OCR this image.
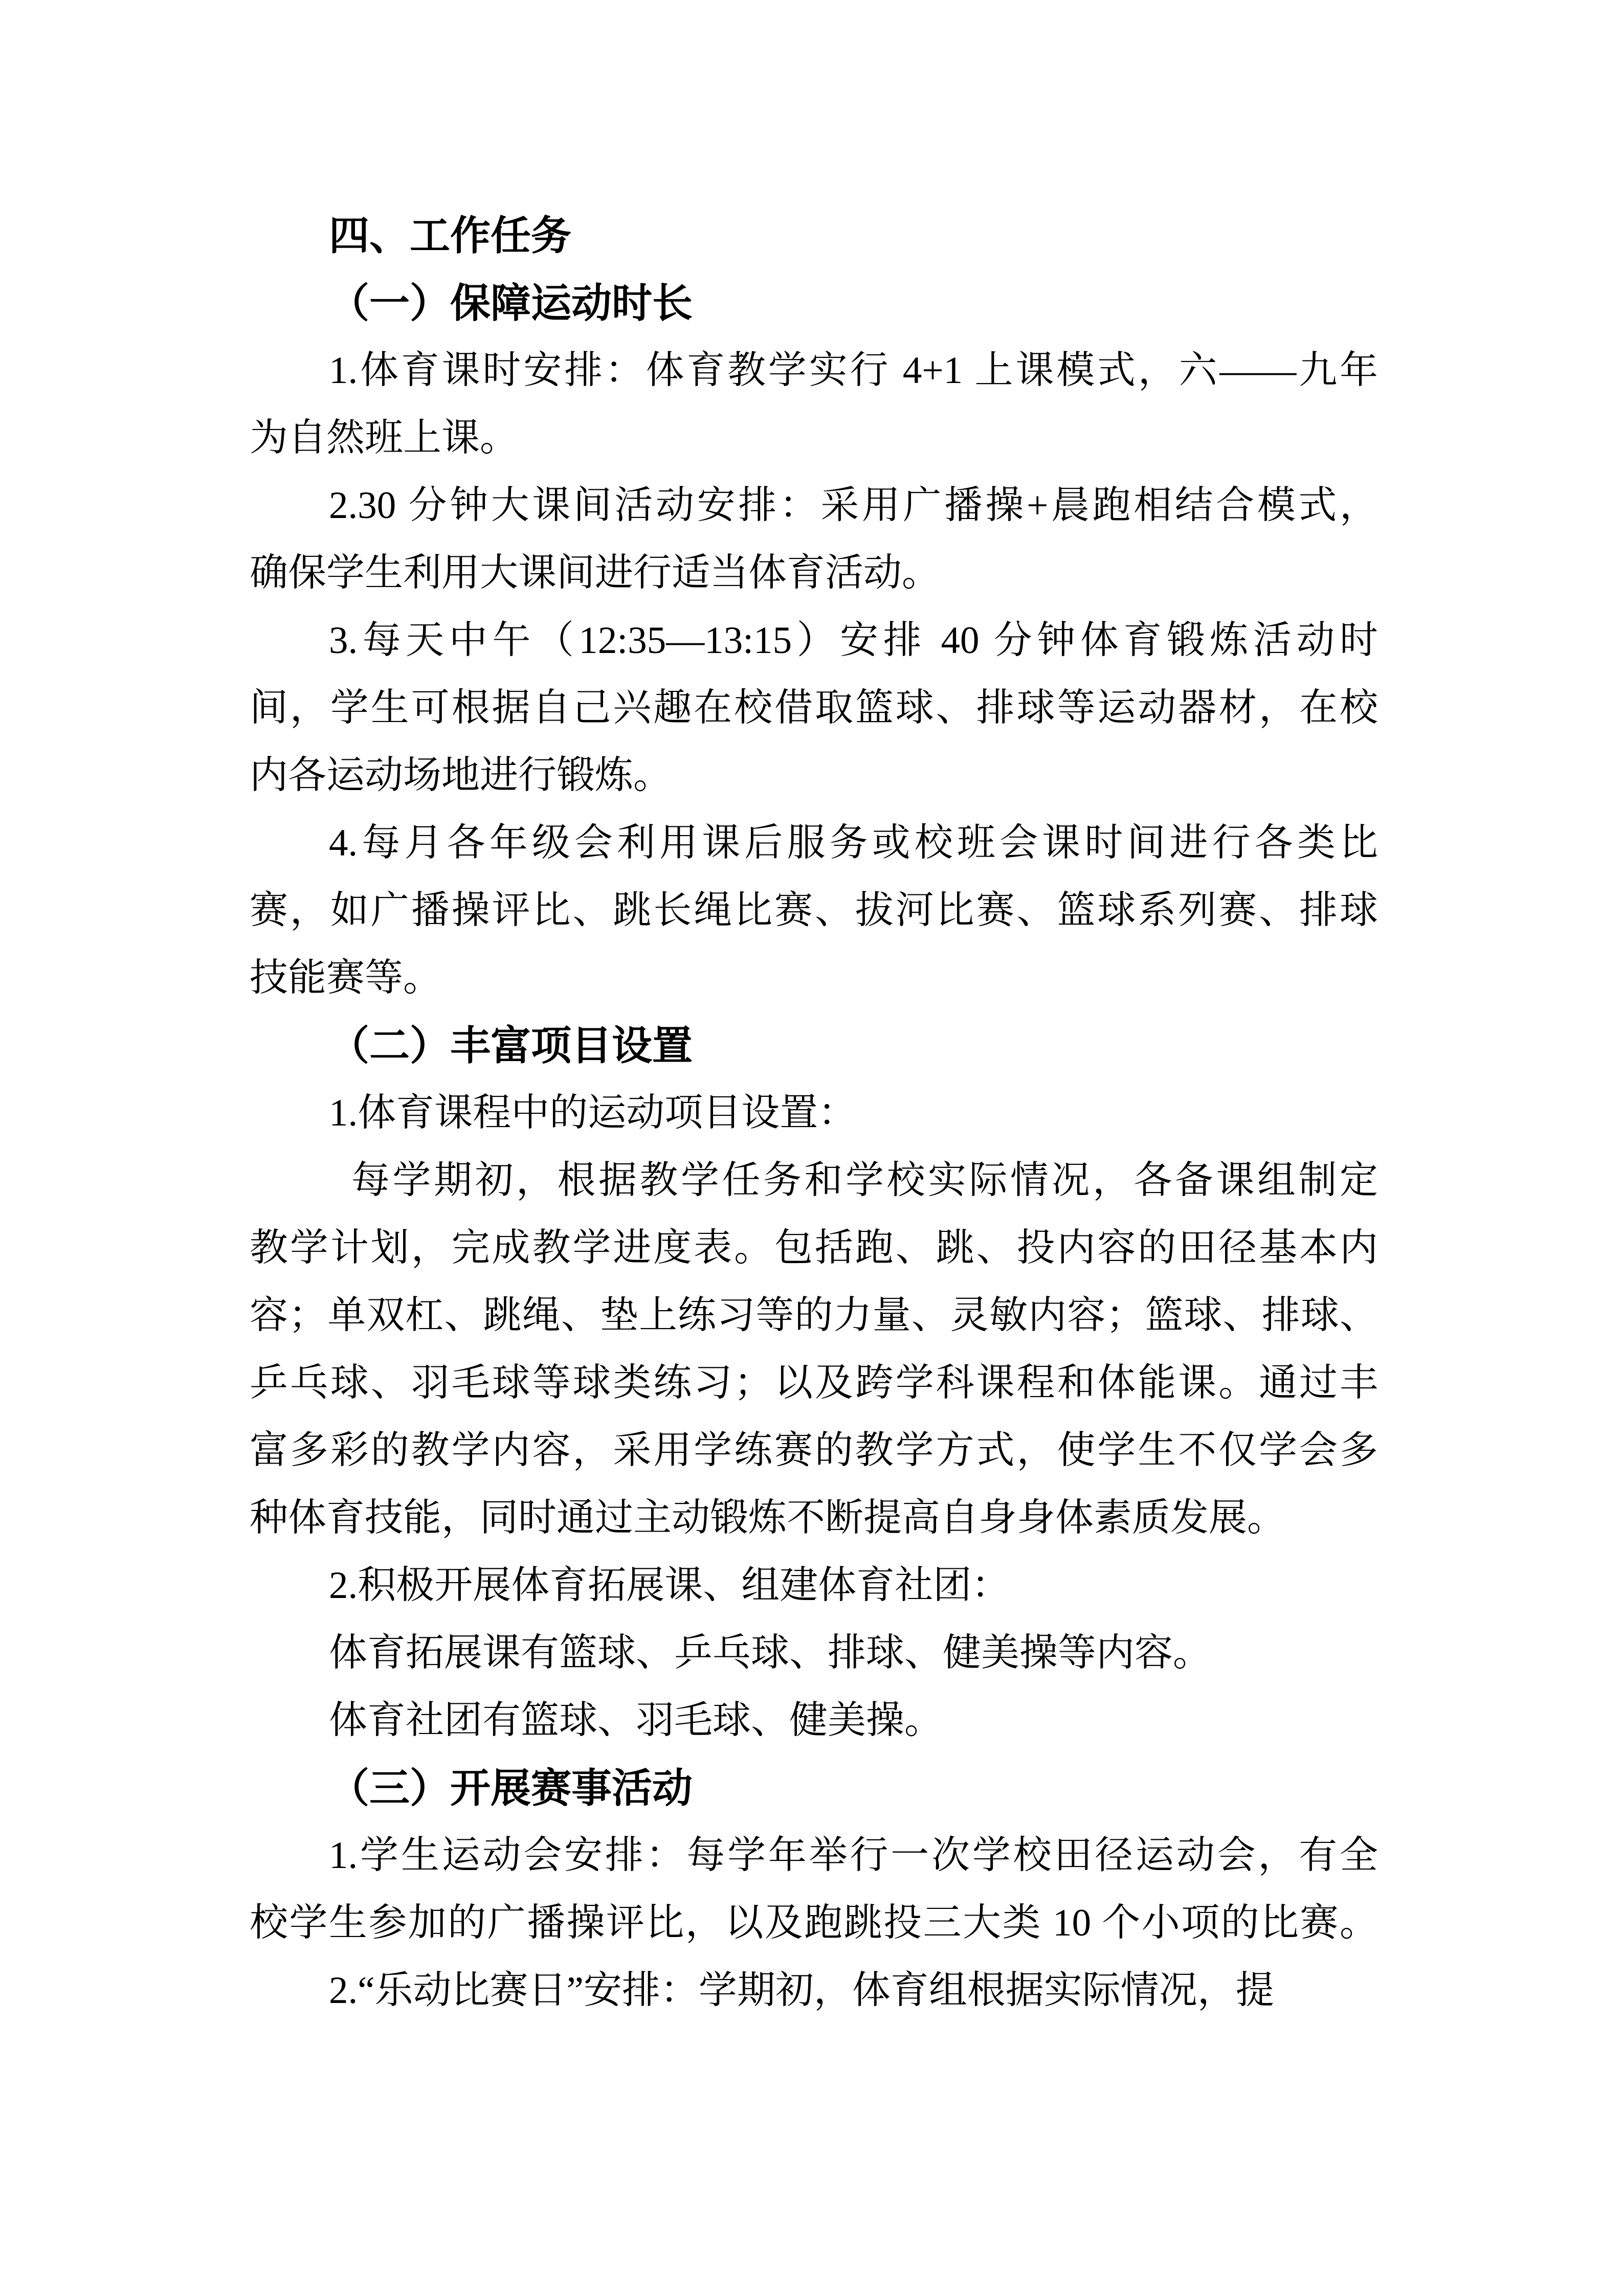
四、工作任务
（一）保障运动时长
1.体育课时安排：体育教学实行 4+1 上课模式，六——九年
为自然班上课。
2.30 分钟大课间活动安排：采用广播操+晨跑相结合模式，
确保学生利用大课间进行适当体育活动。
3.每天中午（12:35—13:15）安排 40 分钟体育锻炼活动时
间，学生可根据自己兴趣在校借取篮球、排球等运动器材，在校
内各运动场地进行锻炼。
4.每月各年级会利用课后服务或校班会课时间进行各类比
赛，如广播操评比、跳长绳比赛、拔河比赛、篮球系列赛、排球
技能赛等。
（二）丰富项目设置
1.体育课程中的运动项目设置：
每学期初，根据教学任务和学校实际情况，各备课组制定
教学计划，完成教学进度表。包括跑、跳、投内容的田径基本内
容；单双杠、跳绳、垫上练习等的力量、灵敏内容；篮球、排球、
乒乓球、羽毛球等球类练习；以及跨学科课程和体能课。通过丰
富多彩的教学内容，采用学练赛的教学方式，使学生不仅学会多
种体育技能，同时通过主动锻炼不断提高自身身体素质发展。
2.积极开展体育拓展课、组建体育社团：
体育拓展课有篮球、乒乓球、排球、健美操等内容。
体育社团有篮球、羽毛球、健美操。
（三）开展赛事活动
1.学生运动会安排：每学年举行一次学校田径运动会，有全
校学生参加的广播操评比，以及跑跳投三大类 10 个小项的比赛。
2.“乐动比赛日”安排：学期初，体育组根据实际情况，提
